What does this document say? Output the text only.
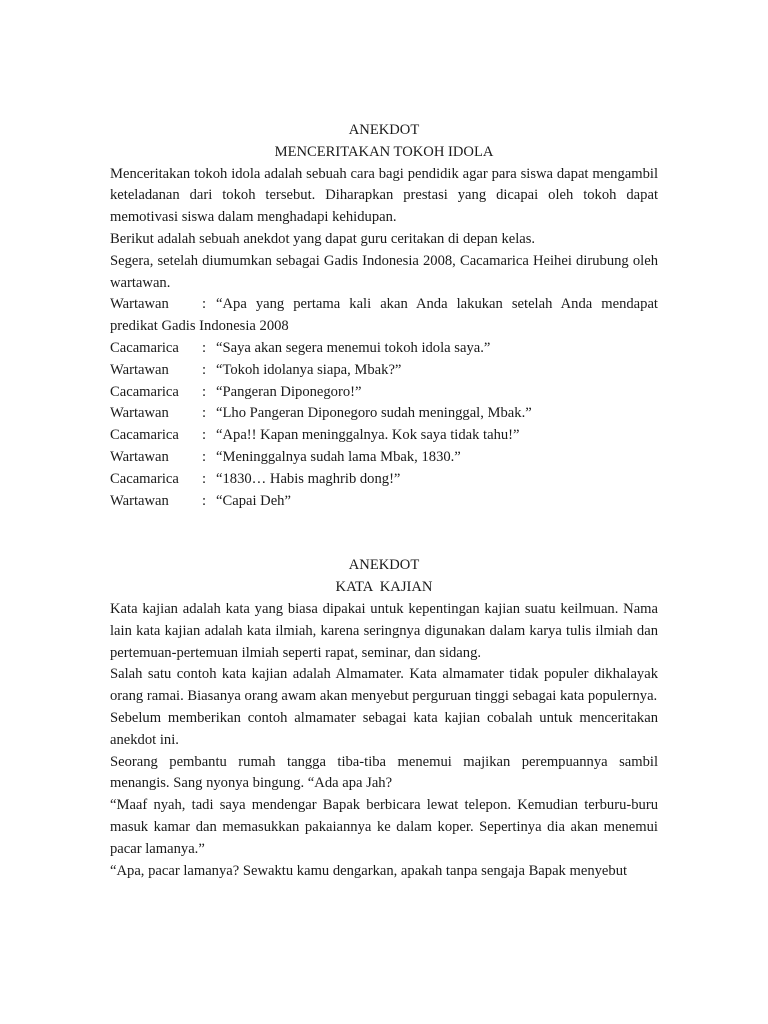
ANEKDOT
MENCERITAKAN TOKOH IDOLA
Menceritakan tokoh idola adalah sebuah cara bagi pendidik agar para siswa dapat mengambil keteladanan dari tokoh tersebut. Diharapkan prestasi yang dicapai oleh tokoh dapat memotivasi siswa dalam menghadapi kehidupan.
Berikut adalah sebuah anekdot yang dapat guru ceritakan di depan kelas.
Segera, setelah diumumkan sebagai Gadis Indonesia 2008, Cacamarica Heihei dirubung oleh wartawan.
Wartawan : “Apa yang pertama kali akan Anda lakukan setelah Anda mendapat predikat Gadis Indonesia 2008
Cacamarica	: “Saya akan segera menemui tokoh idola saya.”
Wartawan	: “Tokoh idolanya siapa, Mbak?”
Cacamarica	: “Pangeran Diponegoro!”
Wartawan	: “Lho Pangeran Diponegoro sudah meninggal, Mbak.”
Cacamarica	: “Apa!! Kapan meninggalnya. Kok saya tidak tahu!”
Wartawan	: “Meninggalnya sudah lama Mbak, 1830.”
Cacamarica	: “1830… Habis maghrib dong!”
Wartawan	: “Capai Deh”
ANEKDOT
KATA  KAJIAN
Kata kajian adalah kata yang biasa dipakai untuk kepentingan kajian suatu keilmuan. Nama lain kata kajian adalah kata ilmiah, karena seringnya digunakan dalam karya tulis ilmiah dan pertemuan-pertemuan ilmiah seperti rapat, seminar, dan sidang.
Salah satu contoh kata kajian adalah Almamater. Kata almamater tidak populer dikhalayak orang ramai. Biasanya orang awam akan menyebut perguruan tinggi sebagai kata populernya.
Sebelum memberikan contoh almamater sebagai kata kajian cobalah untuk menceritakan anekdot ini.
Seorang pembantu rumah tangga tiba-tiba menemui majikan perempuannya sambil menangis. Sang nyonya bingung. “Ada apa Jah?
“Maaf nyah, tadi saya mendengar Bapak berbicara lewat telepon. Kemudian terburu-buru masuk kamar dan memasukkan pakaiannya ke dalam koper. Sepertinya dia akan menemui pacar lamanya.”
“Apa, pacar lamanya? Sewaktu kamu dengarkan, apakah tanpa sengaja Bapak menyebut
